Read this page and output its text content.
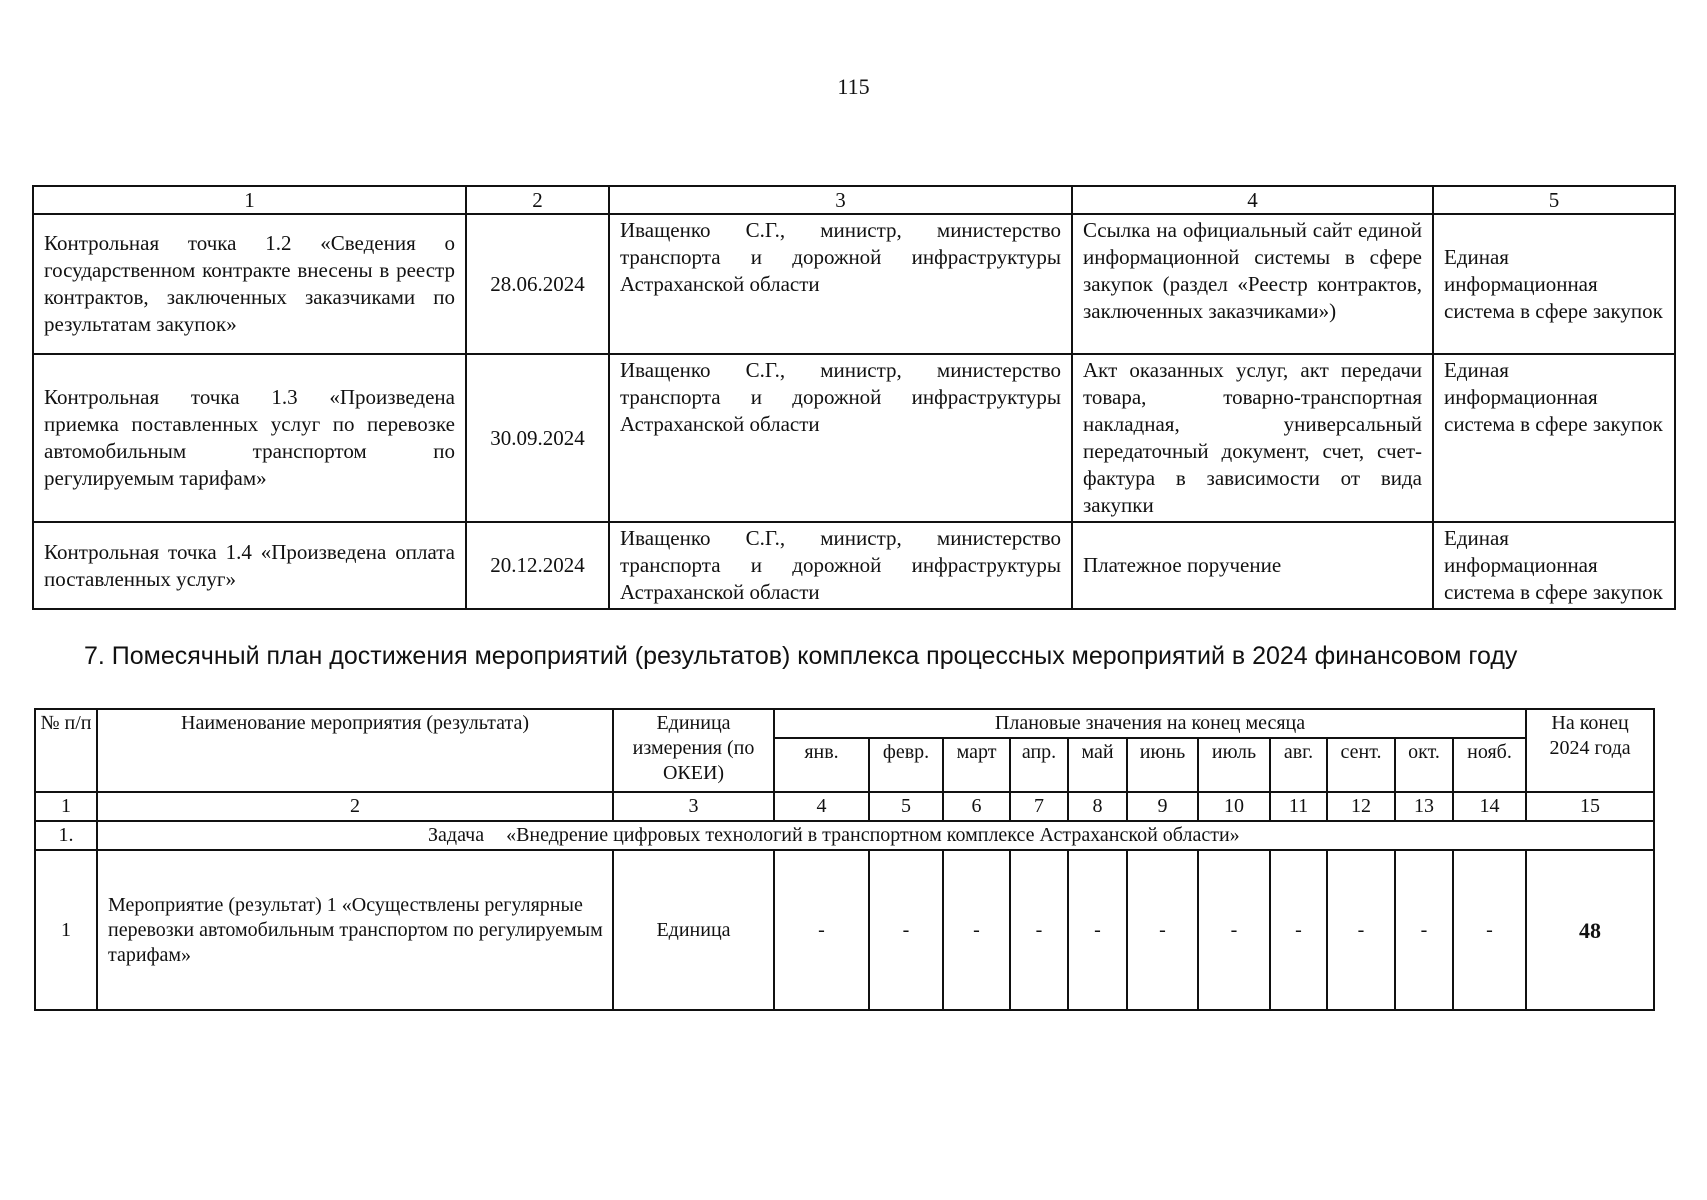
115
1	2	3	4	5
Контрольная точка 1.2 «Сведения о государственном контракте внесены в реестр контрактов, заключенных заказчиками по результатам закупок»	28.06.2024	Иващенко С.Г., министр, министерство транспорта и дорожной инфраструктуры Астраханской области	Ссылка на официальный сайт единой информационной системы в сфере закупок (раздел «Реестр контрактов, заключенных заказчиками»)	Единая информационная система в сфере закупок
Контрольная точка 1.3 «Произведена приемка поставленных услуг по перевозке автомобильным транспортом по регулируемым тарифам»	30.09.2024	Иващенко С.Г., министр, министерство транспорта и дорожной инфраструктуры Астраханской области	Акт оказанных услуг, акт передачи товара, товарно-транспортная накладная, универсальный передаточный документ, счет, счет-фактура в зависимости от вида закупки	Единая информационная система в сфере закупок
Контрольная точка 1.4 «Произведена оплата поставленных услуг»	20.12.2024	Иващенко С.Г., министр, министерство транспорта и дорожной инфраструктуры Астраханской области	Платежное поручение	Единая информационная система в сфере закупок
7. Помесячный план достижения мероприятий (результатов) комплекса процессных мероприятий в 2024 финансовом году
№ п/п	Наименование мероприятия (результата)	Единица измерения (по ОКЕИ)	Плановые значения на конец месяца											На конец 2024 года
			янв.	февр.	март	апр.	май	июнь	июль	авг.	сент.	окт.	нояб.	
1	2	3	4	5	6	7	8	9	10	11	12	13	14	15
1.	Задача «Внедрение цифровых технологий в транспортном комплексе Астраханской области»													
1	Мероприятие (результат) 1 «Осуществлены регулярные перевозки автомобильным транспортом по регулируемым тарифам»	Единица	-	-	-	-	-	-	-	-	-	-	-	48
